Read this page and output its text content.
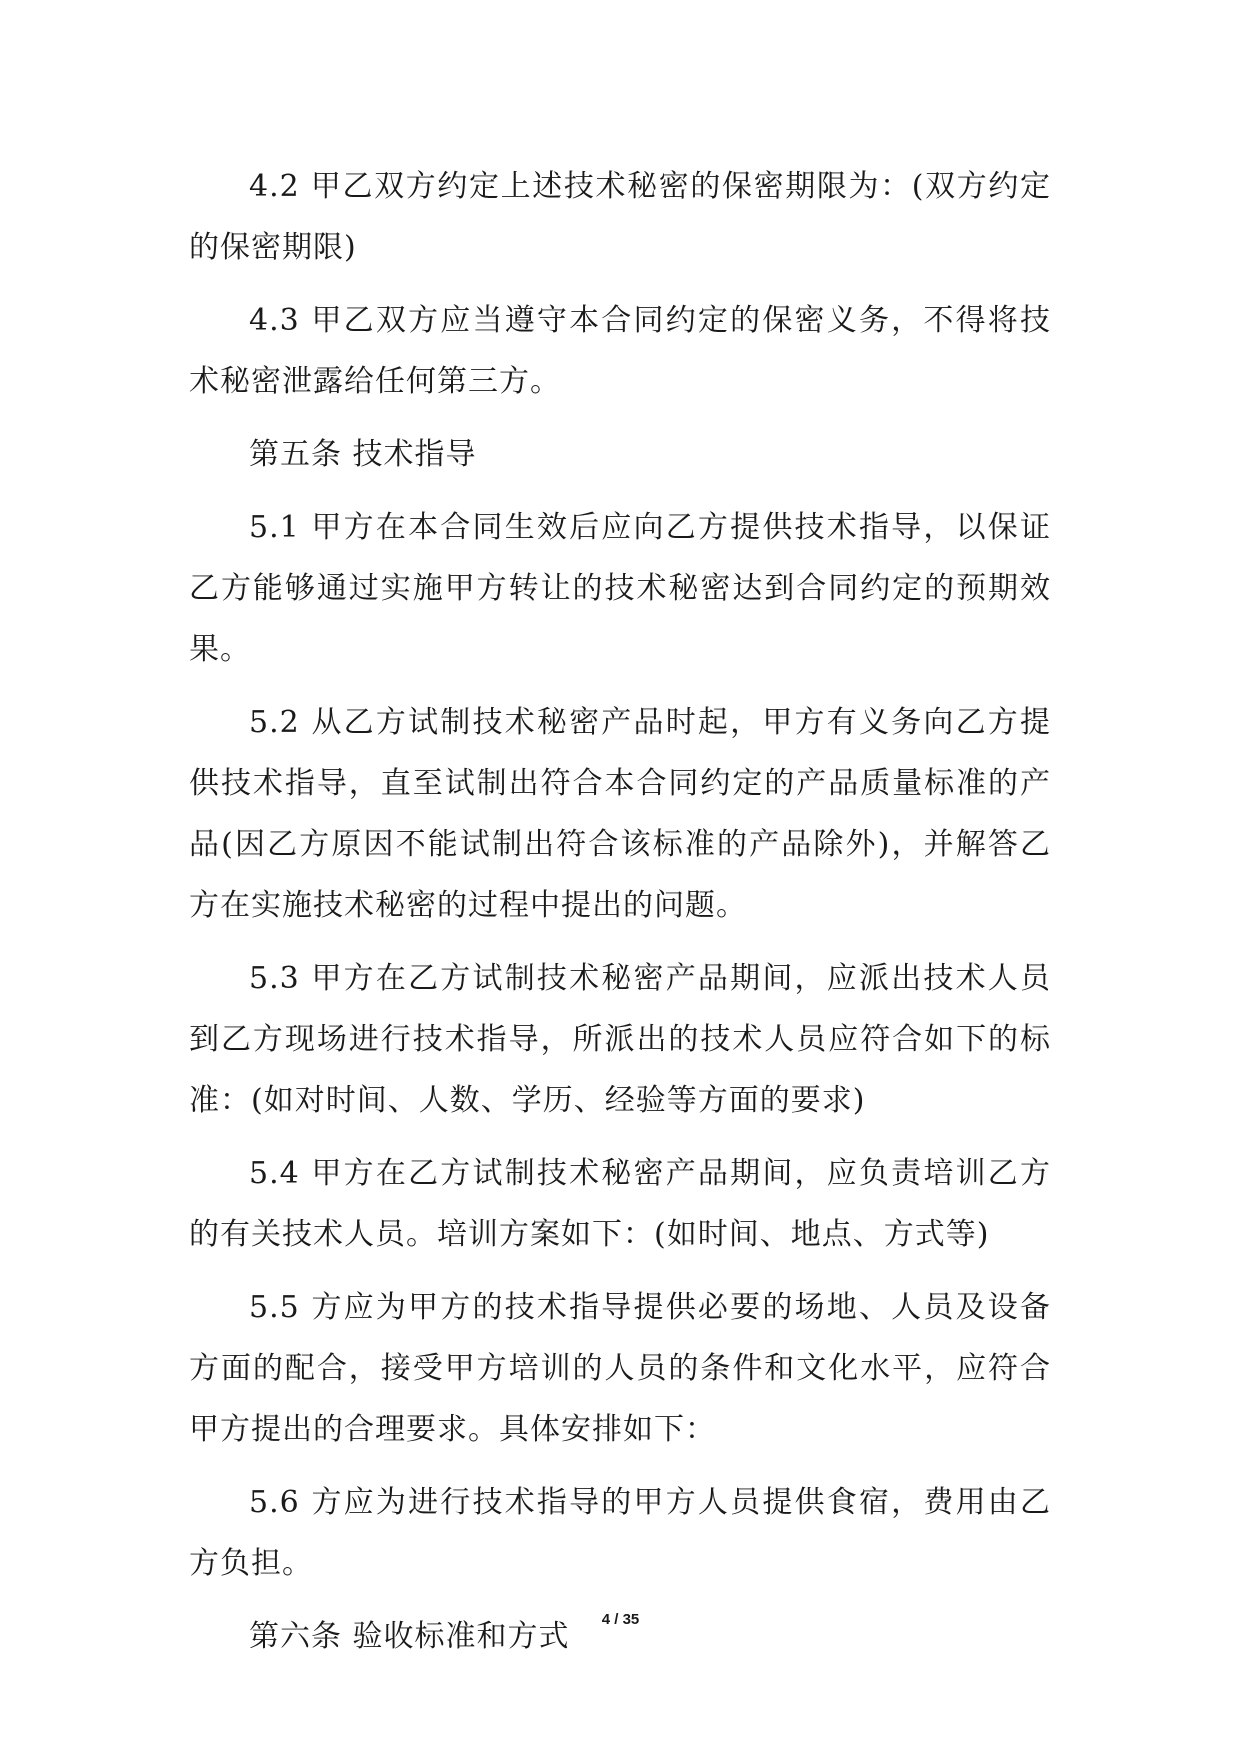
4.2 甲乙双方约定上述技术秘密的保密期限为：(双方约定的保密期限)

4.3 甲乙双方应当遵守本合同约定的保密义务，不得将技术秘密泄露给任何第三方。

第五条 技术指导

5.1 甲方在本合同生效后应向乙方提供技术指导，以保证乙方能够通过实施甲方转让的技术秘密达到合同约定的预期效果。

5.2 从乙方试制技术秘密产品时起，甲方有义务向乙方提供技术指导，直至试制出符合本合同约定的产品质量标准的产品(因乙方原因不能试制出符合该标准的产品除外)，并解答乙方在实施技术秘密的过程中提出的问题。

5.3 甲方在乙方试制技术秘密产品期间，应派出技术人员到乙方现场进行技术指导，所派出的技术人员应符合如下的标准：(如对时间、人数、学历、经验等方面的要求)

5.4 甲方在乙方试制技术秘密产品期间，应负责培训乙方的有关技术人员。培训方案如下：(如时间、地点、方式等)

5.5 方应为甲方的技术指导提供必要的场地、人员及设备方面的配合，接受甲方培训的人员的条件和文化水平，应符合甲方提出的合理要求。具体安排如下：

5.6 方应为进行技术指导的甲方人员提供食宿，费用由乙方负担。

第六条 验收标准和方式	4 / 35
